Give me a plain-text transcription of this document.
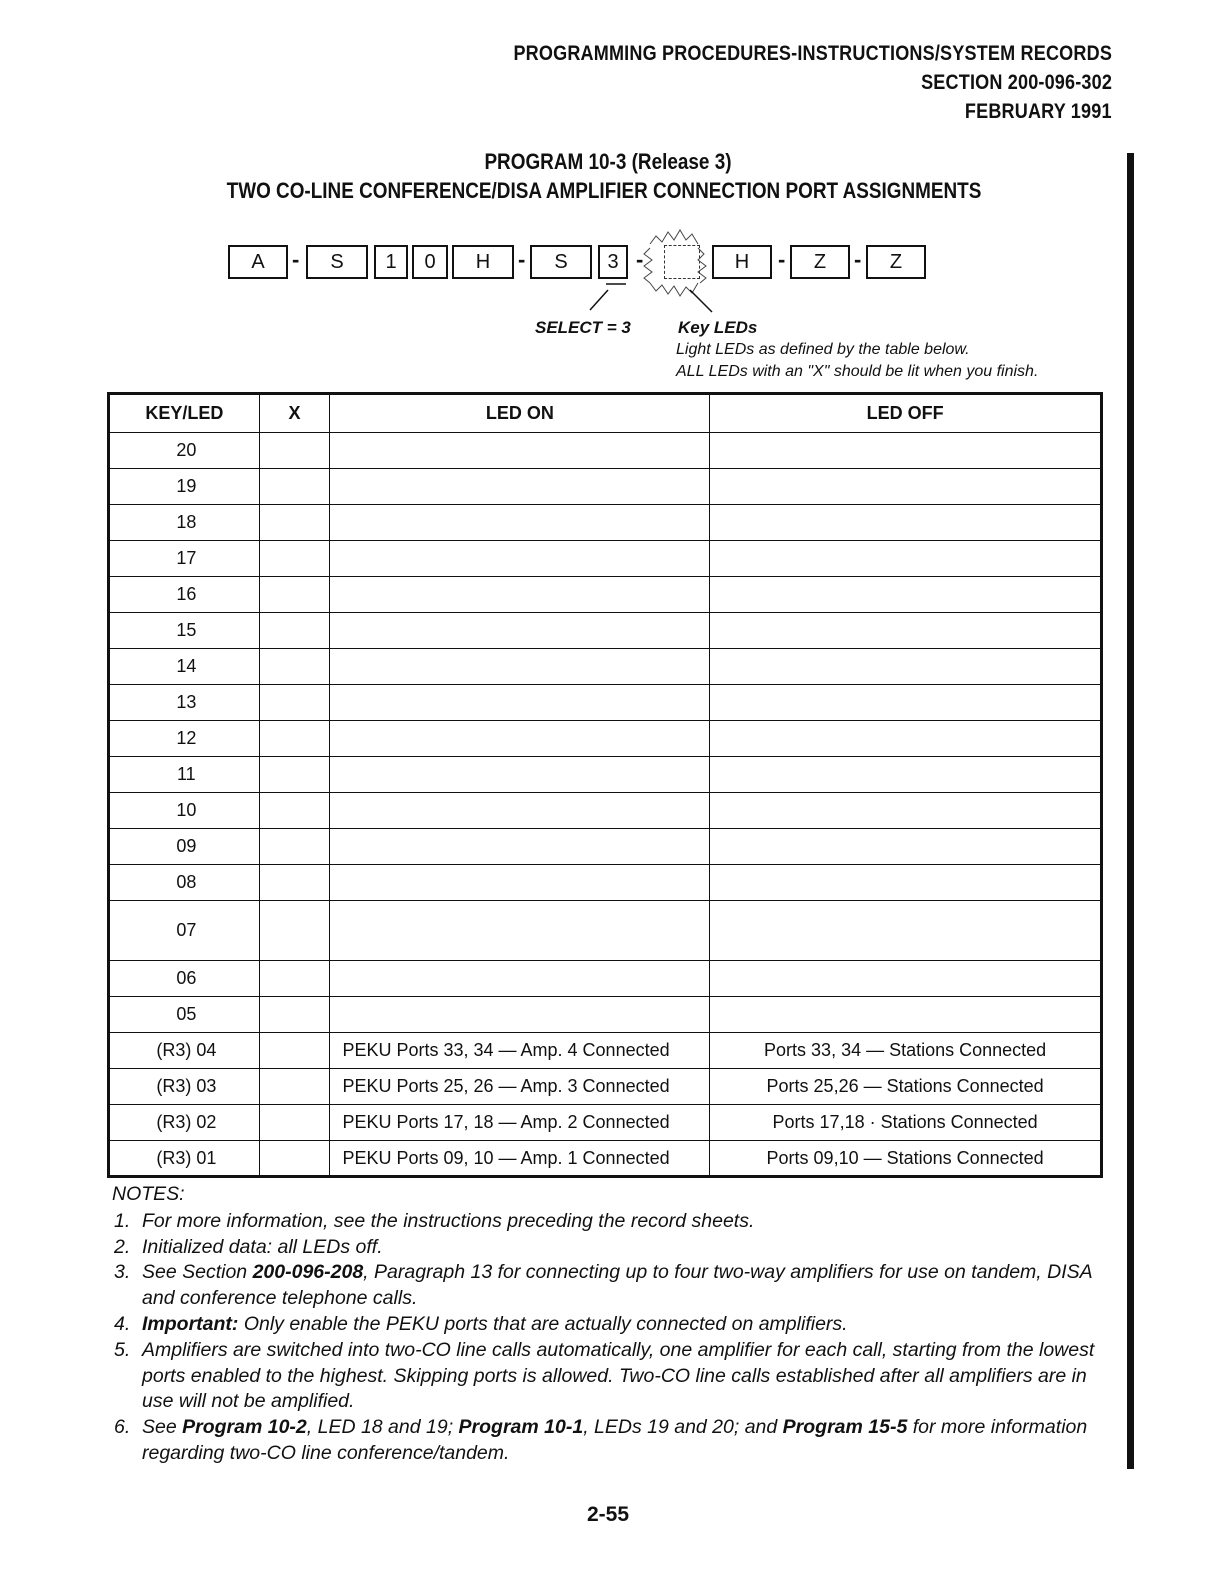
PROGRAMMING PROCEDURES-INSTRUCTIONS/SYSTEM RECORDS
SECTION 200-096-302
FEBRUARY 1991
PROGRAM 10-3 (Release 3)
TWO CO-LINE CONFERENCE/DISA AMPLIFIER CONNECTION PORT ASSIGNMENTS
A	-	S	1	0	H	-	S	3 -	H	-	Z	-	Z
SELECT = 3	Key LEDs
Light LEDs as defined by the table below.
ALL LEDs with an "X" should be lit when you finish.
KEY/LED	X	LED ON	LED OFF
20			
19			
18			
17			
16			
15			
14			
13			
12			
11			
10			
09			
08			
07			
06			
05			
(R3) 04		PEKU Ports 33, 34 — Amp. 4 Connected	Ports 33, 34 — Stations Connected
(R3) 03		PEKU Ports 25, 26 — Amp. 3 Connected	Ports 25,26 — Stations Connected
(R3) 02		PEKU Ports 17, 18 — Amp. 2 Connected	Ports 17,18 · Stations Connected
(R3) 01		PEKU Ports 09, 10 — Amp. 1 Connected	Ports 09,10 — Stations Connected
NOTES:
1. For more information, see the instructions preceding the record sheets.
2. Initialized data: all LEDs off.
3. See Section 200-096-208, Paragraph 13 for connecting up to four two-way amplifiers for use on tandem, DISA and conference telephone calls.
4. Important: Only enable the PEKU ports that are actually connected on amplifiers.
5. Amplifiers are switched into two-CO line calls automatically, one amplifier for each call, starting from the lowest ports enabled to the highest. Skipping ports is allowed. Two-CO line calls established after all amplifiers are in use will not be amplified.
6. See Program 10-2, LED 18 and 19; Program 10-1, LEDs 19 and 20; and Program 15-5 for more information regarding two-CO line conference/tandem.
2-55
